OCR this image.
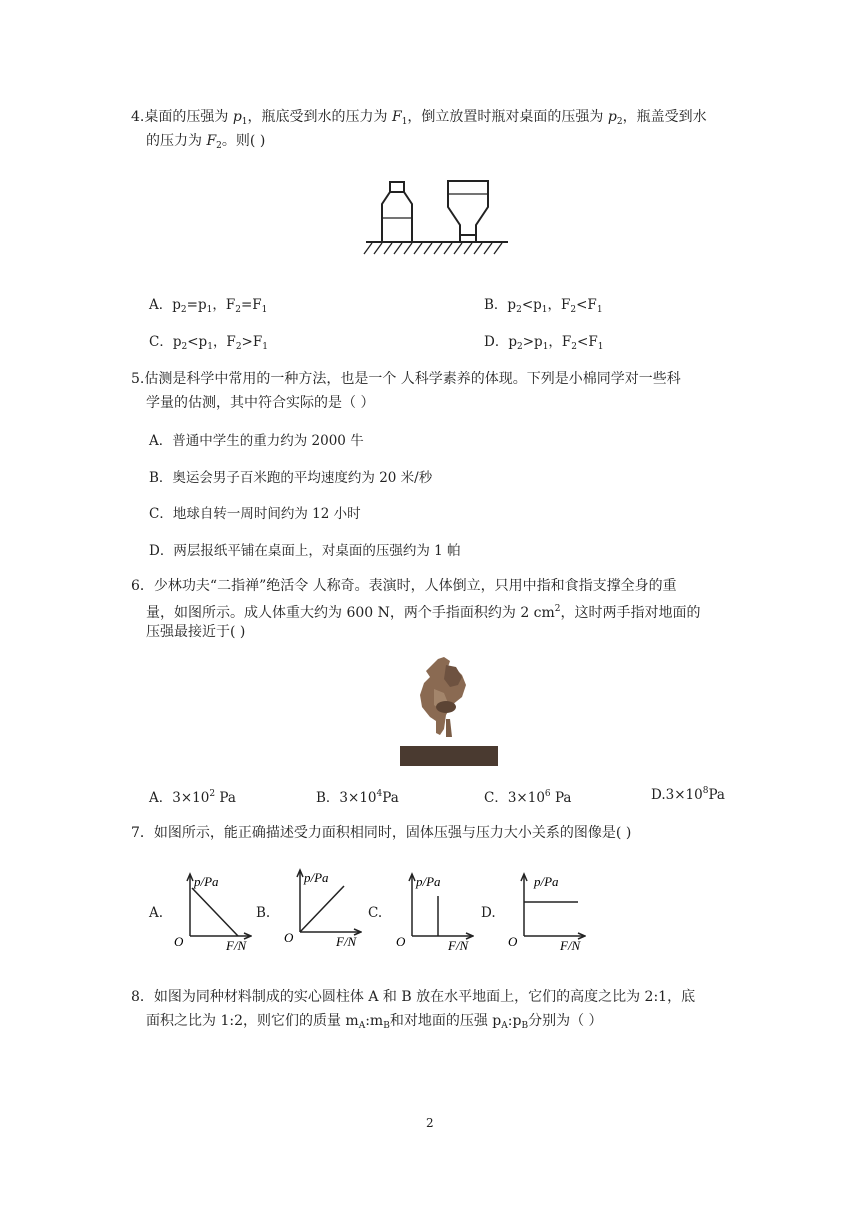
4.桌面的压强为 $p_1$，瓶底受到水的压力为 $F_1$，倒立放置时瓶对桌面的压强为 $p_2$，瓶盖受到水
的压力为 $F_2$。则( )
A．$p_2=p_1$，$F_2=F_1$	B．$p_2<p_1$，$F_2<F_1$
C．$p_2<p_1$，$F_2>F_1$	D．$p_2>p_1$，$F_2<F_1$
5.估测是科学中常用的一种方法，也是一个 人科学素养的体现。下列是小棉同学对一些科
学量的估测，其中符合实际的是（ ）
A．普通中学生的重力约为 2000 牛
B．奥运会男子百米跑的平均速度约为 20 米/秒
C．地球自转一周时间约为 12 小时
D．两层报纸平铺在桌面上，对桌面的压强约为 1 帕
6．少林功夫“二指禅”绝活令 人称奇。表演时，人体倒立，只用中指和食指支撑全身的重
量，如图所示。成人体重大约为 600 N，两个手指面积约为 2 $cm^2$，这时两手指对地面的
压强最接近于( )
A．$3\times 10^2$ Pa	B．$3\times 10^4Pa$	C．$3\times 10^6$ Pa	$D.3\times 10^8Pa$
7．如图所示，能正确描述受力面积相同时，固体压强与压力大小关系的图像是( )
A.
p/Pa
O	F/N
B.
p/Pa
O	F/N
C.
p/Pa
O	F/N
D.
p/Pa
O	F/N
8．如图为同种材料制成的实心圆柱体 A 和 B 放在水平地面上，它们的高度之比为 2:1，底
面积之比为 1:2，则它们的质量 $m_A:m_B$和对地面的压强 $p_A:p_B$分别为（ ）
2
